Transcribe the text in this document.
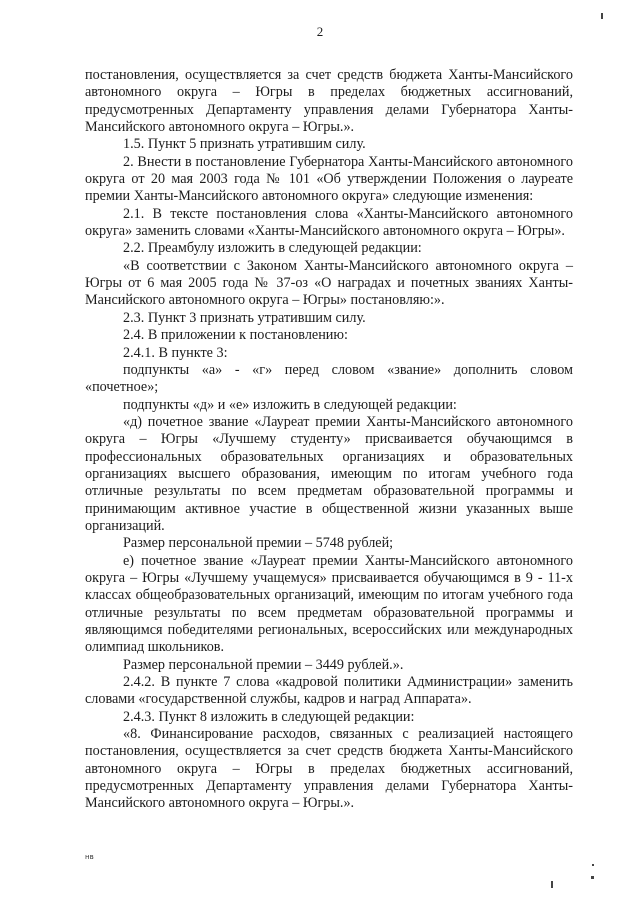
2

постановления, осуществляется за счет средств бюджета Ханты-Мансийского автономного округа – Югры в пределах бюджетных ассигнований, предусмотренных Департаменту управления делами Губернатора Ханты-Мансийского автономного округа – Югры.».

1.5. Пункт 5 признать утратившим силу.

2. Внести в постановление Губернатора Ханты-Мансийского автономного округа от 20 мая 2003 года № 101 «Об утверждении Положения о лауреате премии Ханты-Мансийского автономного округа» следующие изменения:

2.1. В тексте постановления слова «Ханты-Мансийского автономного округа» заменить словами «Ханты-Мансийского автономного округа – Югры».

2.2. Преамбулу изложить в следующей редакции:

«В соответствии с Законом Ханты-Мансийского автономного округа – Югры от 6 мая 2005 года № 37-оз «О наградах и почетных званиях Ханты-Мансийского автономного округа – Югры» постановляю:».

2.3. Пункт 3 признать утратившим силу.

2.4. В приложении к постановлению:

2.4.1. В пункте 3:

подпункты «а» - «г» перед словом «звание» дополнить словом «почетное»;

подпункты «д» и «е» изложить в следующей редакции:

«д) почетное звание «Лауреат премии Ханты-Мансийского автономного округа – Югры «Лучшему студенту» присваивается обучающимся в профессиональных образовательных организациях и образовательных организациях высшего образования, имеющим по итогам учебного года отличные результаты по всем предметам образовательной программы и принимающим активное участие в общественной жизни указанных выше организаций.

Размер персональной премии – 5748 рублей;

е) почетное звание «Лауреат премии Ханты-Мансийского автономного округа – Югры «Лучшему учащемуся» присваивается обучающимся в 9 - 11-х классах общеобразовательных организаций, имеющим по итогам учебного года отличные результаты по всем предметам образовательной программы и являющимся победителями региональных, всероссийских или международных олимпиад школьников.

Размер персональной премии – 3449 рублей.».

2.4.2. В пункте 7 слова «кадровой политики Администрации» заменить словами «государственной службы, кадров и наград Аппарата».

2.4.3. Пункт 8 изложить в следующей редакции:

«8. Финансирование расходов, связанных с реализацией настоящего постановления, осуществляется за счет средств бюджета Ханты-Мансийского автономного округа – Югры в пределах бюджетных ассигнований, предусмотренных Департаменту управления делами Губернатора Ханты-Мансийского автономного округа – Югры.».

нв
